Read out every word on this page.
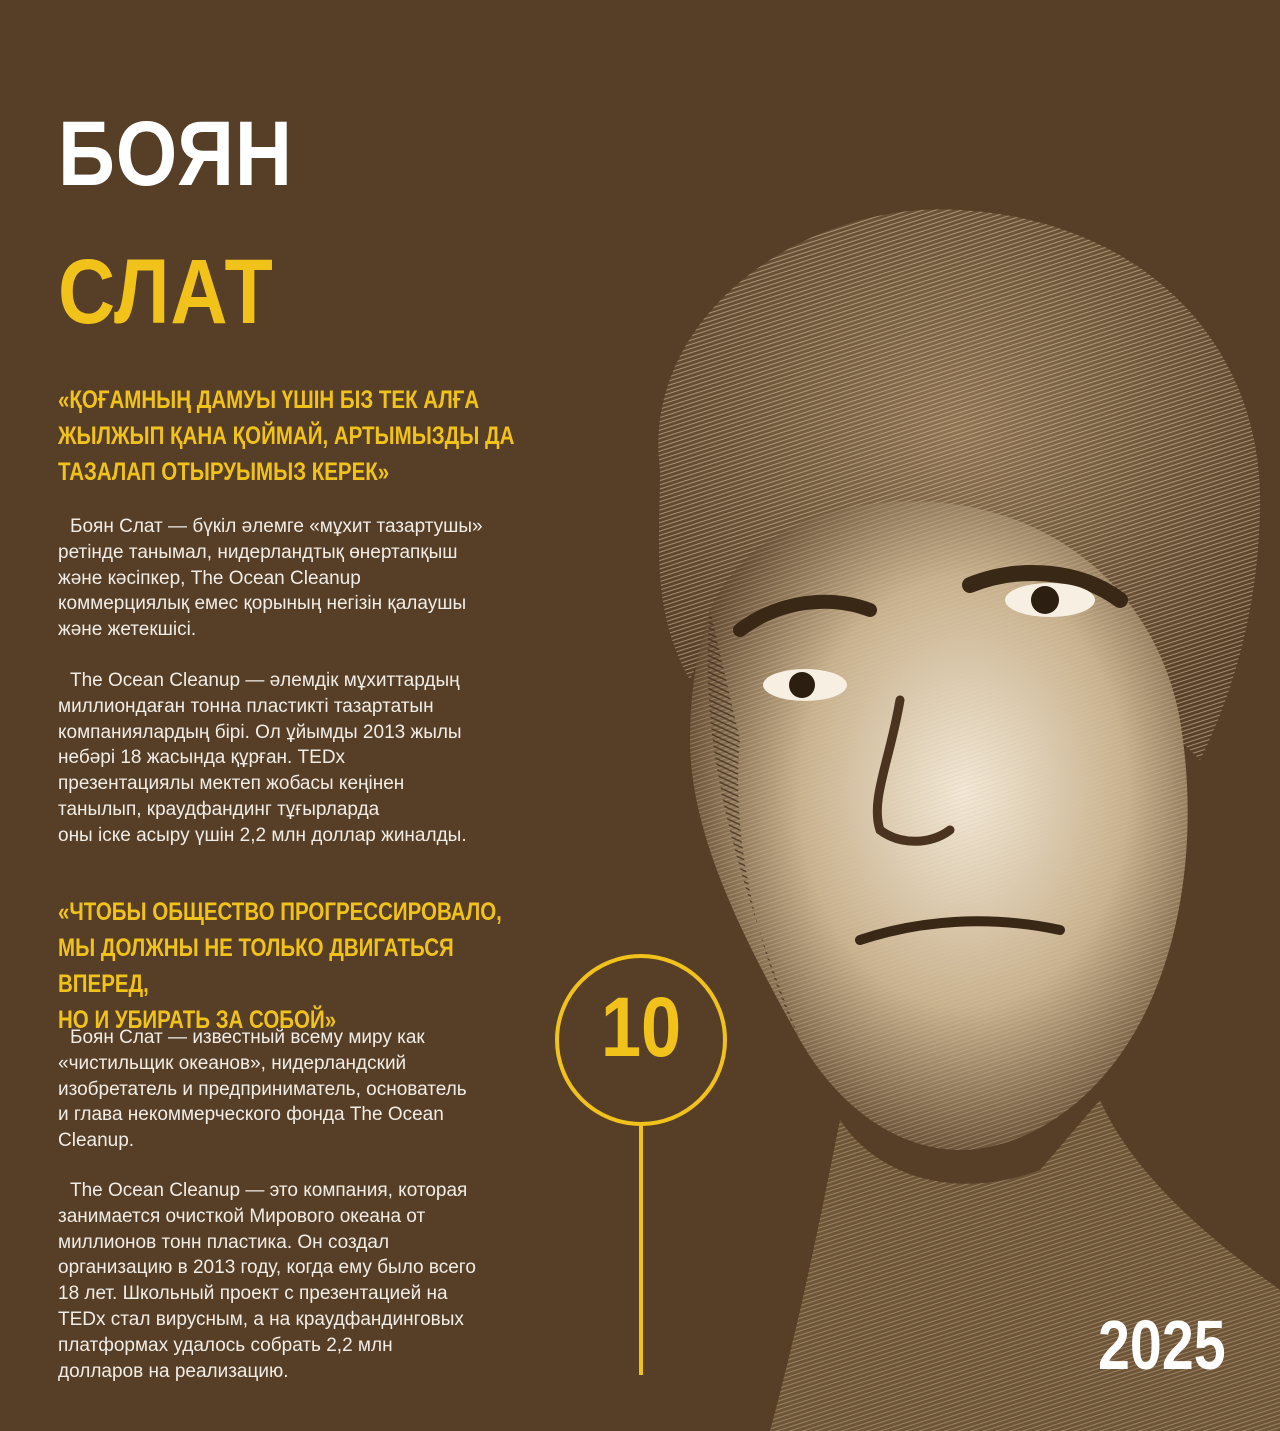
БОЯН
СЛАТ

«ҚОҒАМНЫҢ ДАМУЫ ҮШІН БІЗ ТЕК АЛҒА
ЖЫЛЖЫП ҚАНА ҚОЙМАЙ, АРТЫМЫЗДЫ ДА
ТАЗАЛАП ОТЫРУЫМЫЗ КЕРЕК»

Боян Слат — бүкіл әлемге «мұхит тазартушы»
ретінде танымал, нидерландтық өнертапқыш
және кәсіпкер, The Ocean Cleanup
коммерциялық емес қорының негізін қалаушы
және жетекшісі.

The Ocean Cleanup — әлемдік мұхиттардың
миллиондаған тонна пластикті тазартатын
компаниялардың бірі. Ол ұйымды 2013 жылы
небәрі 18 жасында құрған. TEDx
презентациялы мектеп жобасы кеңінен
танылып, краудфандинг тұғырларда
оны іске асыру үшін 2,2 млн доллар жиналды.

«ЧТОБЫ ОБЩЕСТВО ПРОГРЕССИРОВАЛО,
МЫ ДОЛЖНЫ НЕ ТОЛЬКО ДВИГАТЬСЯ ВПЕРЕД,
НО И УБИРАТЬ ЗА СОБОЙ»

Боян Слат — известный всему миру как
«чистильщик океанов», нидерландский
изобретатель и предприниматель, основатель
и глава некоммерческого фонда The Ocean
Cleanup.

The Ocean Cleanup — это компания, которая
занимается очисткой Мирового океана от
миллионов тонн пластика. Он создал
организацию в 2013 году, когда ему было всего
18 лет. Школьный проект с презентацией на
TEDx стал вирусным, а на краудфандинговых
платформах удалось собрать 2,2 млн
долларов на реализацию.

10
2025
